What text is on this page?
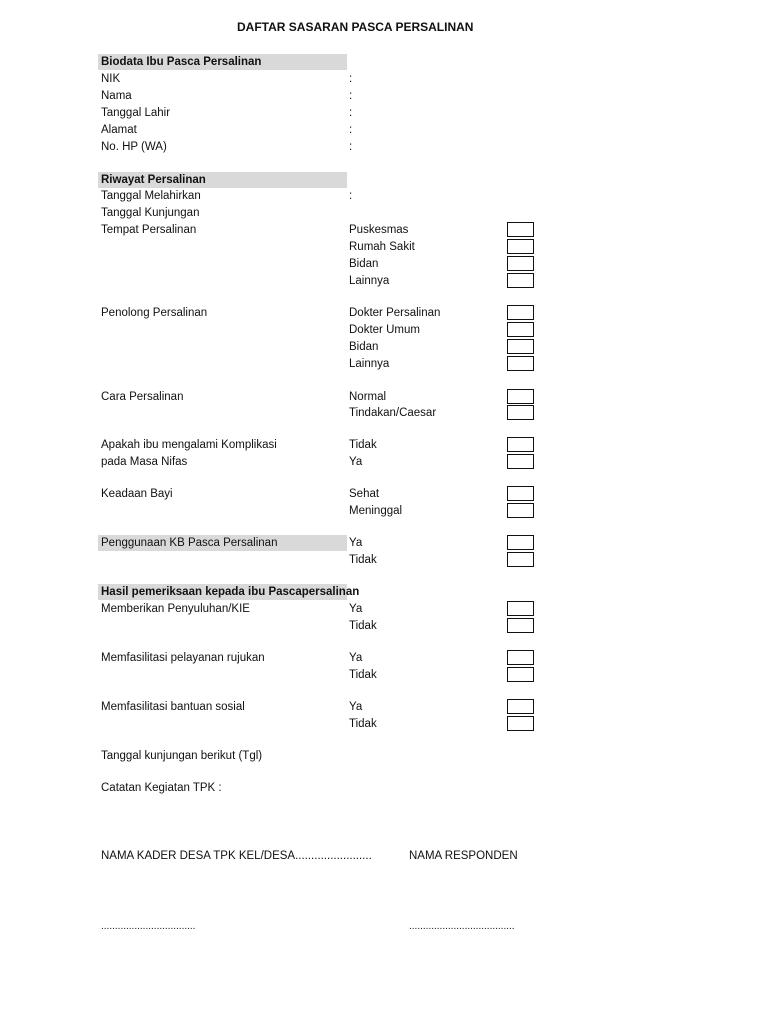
DAFTAR SASARAN PASCA PERSALINAN
Biodata Ibu Pasca Persalinan
NIK	:
Nama	:
Tanggal Lahir	:
Alamat	:
No. HP (WA)	:
Riwayat Persalinan
Tanggal Melahirkan	:
Tanggal Kunjungan
Tempat Persalinan	Puskesmas
Rumah Sakit
Bidan
Lainnya
Penolong Persalinan	Dokter Persalinan
Dokter Umum
Bidan
Lainnya
Cara Persalinan	Normal
Tindakan/Caesar
Apakah ibu mengalami Komplikasi
pada Masa Nifas
Tidak
Ya
Keadaan Bayi	Sehat
Meninggal
Penggunaan KB Pasca Persalinan	Ya
Tidak
Hasil pemeriksaan kepada ibu Pascapersalinan
Memberikan Penyuluhan/KIE	Ya
Tidak
Memfasilitasi pelayanan rujukan	Ya
Tidak
Memfasilitasi bantuan sosial	Ya
Tidak
Tanggal kunjungan berikut (Tgl)
Catatan Kegiatan TPK :
NAMA KADER DESA TPK KEL/DESA........................	NAMA RESPONDEN
..................................	......................................
